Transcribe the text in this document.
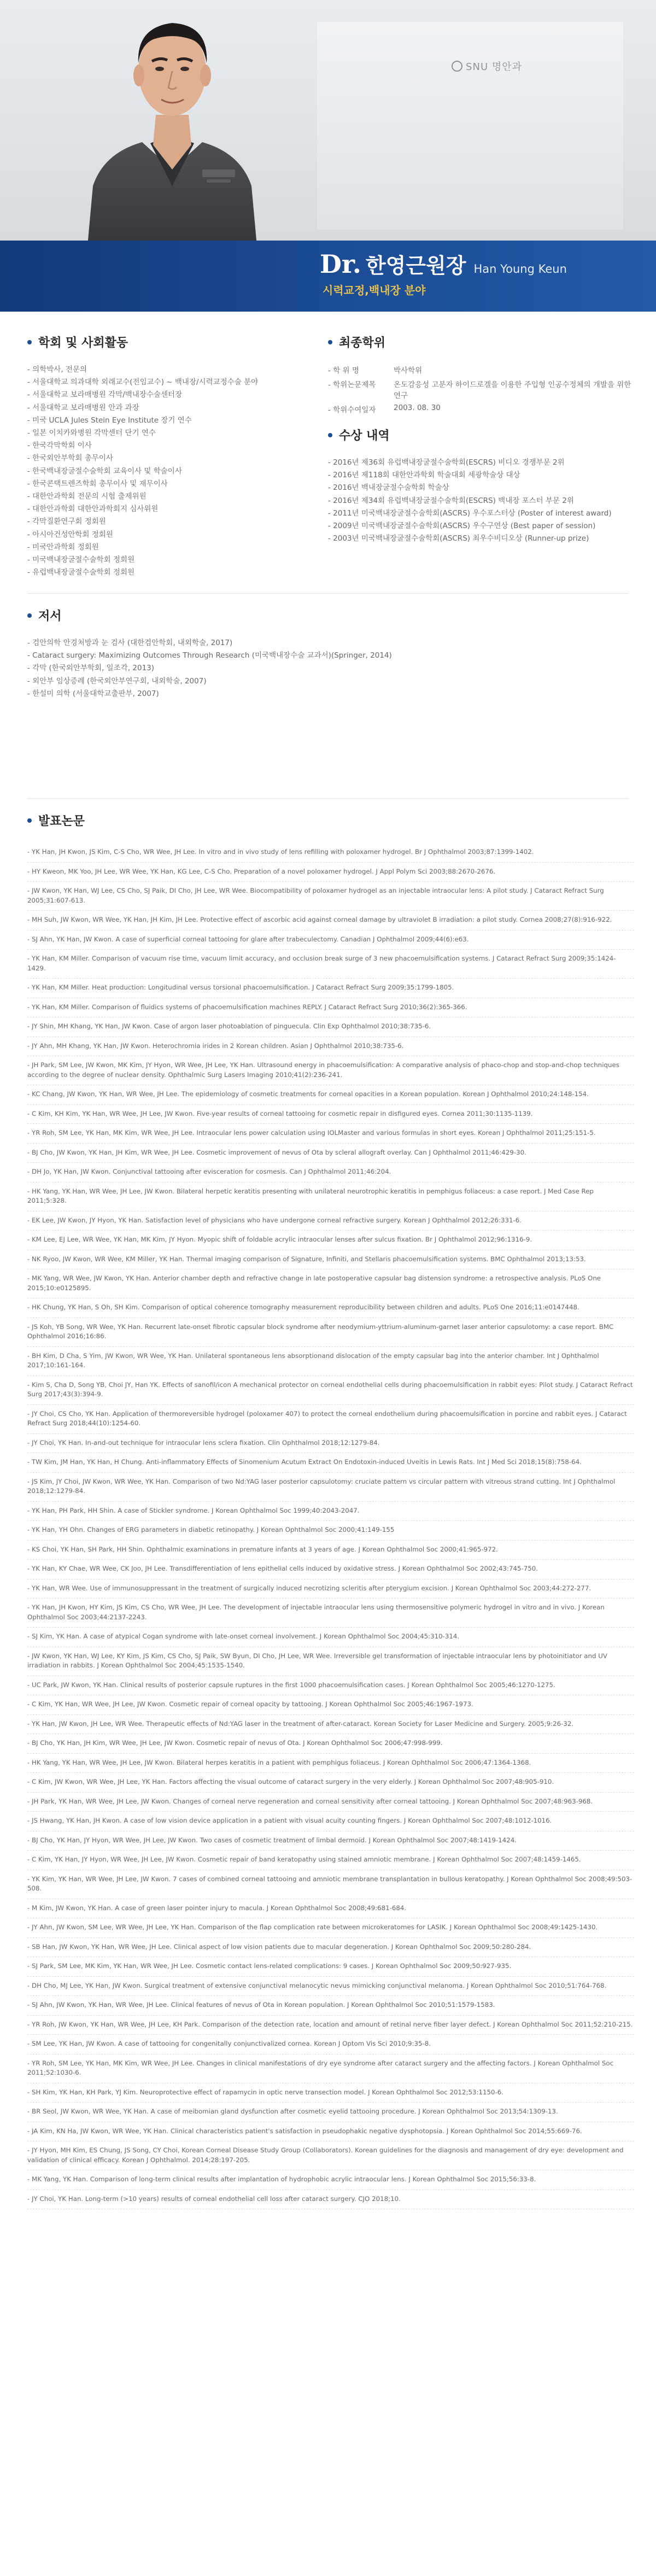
SNU 명안과
Dr. 한영근원장 Han Young Keun
시력교정,백내장 분야
학회 및 사회활동
- 의학박사, 전문의
- 서울대학교 의과대학 외래교수(전임교수) ~ 백내장/시력교정수술 분야
- 서울대학교 보라매병원 각막/백내장수술센터장
- 서울대학교 보라매병원 안과 과장
- 미국 UCLA Jules Stein Eye Institute 장기 연수
- 일본 이치카와병원 각막센터 단기 연수
- 한국각막학회 이사
- 한국외안부학회 총무이사
- 한국백내장굴절수술학회 교육이사 및 학술이사
- 한국콘택트렌즈학회 총무이사 및 재무이사
- 대한안과학회 전문의 시험 출제위원
- 대한안과학회 대한안과학회지 심사위원
- 각막질환연구회 정회원
- 아시아건성안학회 정회원
- 미국안과학회 정회원
- 미국백내장굴절수술학회 정회원
- 유럽백내장굴절수술학회 정회원
최종학위
- 학 위 명	박사학위
- 학위논문제목	온도감응성 고분자 하이드로겔을 이용한 주입형 인공수정체의 개발을 위한 연구
- 학위수여일자	2003. 08. 30
수상 내역
- 2016년 제36회 유럽백내장굴절수술학회(ESCRS) 비디오 경쟁부문 2위
- 2016년 제118회 대한안과학회 학술대회 세광학술상 대상
- 2016년 백내장굴절수술학회 학술상
- 2016년 제34회 유럽백내장굴절수술학회(ESCRS) 백내장 포스터 부문 2위
- 2011년 미국백내장굴절수술학회(ASCRS) 우수포스터상 (Poster of interest award)
- 2009년 미국백내장굴절수술학회(ASCRS) 우수구연상 (Best paper of session)
- 2003년 미국백내장굴절수술학회(ASCRS) 최우수비디오상 (Runner-up prize)
저서
- 검안의학 안경처방과 눈 검사 (대한검안학회, 내외학술, 2017)
- Cataract surgery: Maximizing Outcomes Through Research (미국백내장수술 교과서)(Springer, 2014)
- 각막 (한국외안부학회, 일조각, 2013)
- 외안부 임상증례 (한국외안부연구회, 내외학술, 2007)
- 한설미 의학 (서울대학교출판부, 2007)
발표논문
- YK Han, JH Kwon, JS Kim, C-S Cho, WR Wee, JH Lee. In vitro and in vivo study of lens refilling with poloxamer hydrogel. Br J Ophthalmol 2003;87:1399-1402.
- HY Kweon, MK Yoo, JH Lee, WR Wee, YK Han, KG Lee, C-S Cho. Preparation of a novel poloxamer hydrogel. J Appl Polym Sci 2003;88:2670-2676.
- JW Kwon, YK Han, WJ Lee, CS Cho, SJ Paik, DI Cho, JH Lee, WR Wee. Biocompatibility of poloxamer hydrogel as an injectable intraocular lens: A pilot study. J Cataract Refract Surg 2005;31:607-613.
- MH Suh, JW Kwon, WR Wee, YK Han, JH Kim, JH Lee. Protective effect of ascorbic acid against corneal damage by ultraviolet B irradiation: a pilot study. Cornea 2008;27(8):916-922.
- SJ Ahn, YK Han, JW Kwon. A case of superficial corneal tattooing for glare after trabeculectomy. Canadian J Ophthalmol 2009;44(6):e63.
- YK Han, KM Miller. Comparison of vacuum rise time, vacuum limit accuracy, and occlusion break surge of 3 new phacoemulsification systems. J Cataract Refract Surg 2009;35:1424-1429.
- YK Han, KM Miller. Heat production: Longitudinal versus torsional phacoemulsification. J Cataract Refract Surg 2009;35:1799-1805.
- YK Han, KM Miller. Comparison of fluidics systems of phacoemulsification machines REPLY. J Cataract Refract Surg 2010;36(2):365-366.
- JY Shin, MH Khang, YK Han, JW Kwon. Case of argon laser photoablation of pinguecula. Clin Exp Ophthalmol 2010;38:735-6.
- JY Ahn, MH Khang, YK Han, JW Kwon. Heterochromia irides in 2 Korean children. Asian J Ophthalmol 2010;38:735-6.
- JH Park, SM Lee, JW Kwon, MK Kim, JY Hyon, WR Wee, JH Lee, YK Han. Ultrasound energy in phacoemulsification: A comparative analysis of phaco-chop and stop-and-chop techniques according to the degree of nuclear density. Ophthalmic Surg Lasers Imaging 2010;41(2):236-241.
- KC Chang, JW Kwon, YK Han, WR Wee, JH Lee. The epidemiology of cosmetic treatments for corneal opacities in a Korean population. Korean J Ophthalmol 2010;24:148-154.
- C Kim, KH Kim, YK Han, WR Wee, JH Lee, JW Kwon. Five-year results of corneal tattooing for cosmetic repair in disfigured eyes. Cornea 2011;30:1135-1139.
- YR Roh, SM Lee, YK Han, MK Kim, WR Wee, JH Lee. Intraocular lens power calculation using IOLMaster and various formulas in short eyes. Korean J Ophthalmol 2011;25:151-5.
- BJ Cho, JW Kwon, YK Han, JH Kim, WR Wee, JH Lee. Cosmetic improvement of nevus of Ota by scleral allograft overlay. Can J Ophthalmol 2011;46:429-30.
- DH Jo, YK Han, JW Kwon. Conjunctival tattooing after evisceration for cosmesis. Can J Ophthalmol 2011;46:204.
- HK Yang, YK Han, WR Wee, JH Lee, JW Kwon. Bilateral herpetic keratitis presenting with unilateral neurotrophic keratitis in pemphigus foliaceus: a case report. J Med Case Rep 2011;5:328.
- EK Lee, JW Kwon, JY Hyon, YK Han. Satisfaction level of physicians who have undergone corneal refractive surgery. Korean J Ophthalmol 2012;26:331-6.
- KM Lee, EJ Lee, WR Wee, YK Han, MK Kim, JY Hyon. Myopic shift of foldable acrylic intraocular lenses after sulcus fixation. Br J Ophthalmol 2012;96:1316-9.
- NK Ryoo, JW Kwon, WR Wee, KM Miller, YK Han. Thermal imaging comparison of Signature, Infiniti, and Stellaris phacoemulsification systems. BMC Ophthalmol 2013;13:53.
- MK Yang, WR Wee, JW Kwon, YK Han. Anterior chamber depth and refractive change in late postoperative capsular bag distension syndrome: a retrospective analysis. PLoS One 2015;10:e0125895.
- HK Chung, YK Han, S Oh, SH Kim. Comparison of optical coherence tomography measurement reproducibility between children and adults. PLoS One 2016;11:e0147448.
- JS Koh, YB Song, WR Wee, YK Han. Recurrent late-onset fibrotic capsular block syndrome after neodymium-yttrium-aluminum-garnet laser anterior capsulotomy: a case report. BMC Ophthalmol 2016;16:86.
- BH Kim, D Cha, S Yim, JW Kwon, WR Wee, YK Han. Unilateral spontaneous lens absorptionand dislocation of the empty capsular bag into the anterior chamber. Int J Ophthalmol 2017;10:161-164.
- Kim S, Cha D, Song YB, Choi JY, Han YK. Effects of sanofil/icon A mechanical protector on corneal endothelial cells during phacoemulsification in rabbit eyes: Pilot study. J Cataract Refract Surg 2017;43(3):394-9.
- JY Choi, CS Cho, YK Han. Application of thermoreversible hydrogel (poloxamer 407) to protect the corneal endothelium during phacoemulsification in porcine and rabbit eyes. J Cataract Refract Surg 2018;44(10):1254-60.
- JY Choi, YK Han. In-and-out technique for intraocular lens sclera fixation. Clin Ophthalmol 2018;12:1279-84.
- TW Kim, JM Han, YK Han, H Chung. Anti-inflammatory Effects of Sinomenium Acutum Extract On Endotoxin-induced Uveitis in Lewis Rats. Int J Med Sci 2018;15(8):758-64.
- JS Kim, JY Choi, JW Kwon, WR Wee, YK Han. Comparison of two Nd:YAG laser posterior capsulotomy: cruciate pattern vs circular pattern with vitreous strand cutting. Int J Ophthalmol 2018;12:1279-84.
- YK Han, PH Park, HH Shin. A case of Stickler syndrome. J Korean Ophthalmol Soc 1999;40:2043-2047.
- YK Han, YH Ohn. Changes of ERG parameters in diabetic retinopathy. J Korean Ophthalmol Soc 2000;41:149-155
- KS Choi, YK Han, SH Park, HH Shin. Ophthalmic examinations in premature infants at 3 years of age. J Korean Ophthalmol Soc 2000;41:965-972.
- YK Han, KY Chae, WR Wee, CK Joo, JH Lee. Transdifferentiation of lens epithelial cells induced by oxidative stress. J Korean Ophthalmol Soc 2002;43:745-750.
- YK Han, WR Wee. Use of immunosuppressant in the treatment of surgically induced necrotizing scleritis after pterygium excision. J Korean Ophthalmol Soc 2003;44:272-277.
- YK Han, JH Kwon, HY Kim, JS Kim, CS Cho, WR Wee, JH Lee. The development of injectable intraocular lens using thermosensitive polymeric hydrogel in vitro and in vivo. J Korean Ophthalmol Soc 2003;44:2137-2243.
- SJ Kim, YK Han. A case of atypical Cogan syndrome with late-onset corneal involvement. J Korean Ophthalmol Soc 2004;45:310-314.
- JW Kwon, YK Han, WJ Lee, KY Kim, JS Kim, CS Cho, SJ Paik, SW Byun, DI Cho, JH Lee, WR Wee. Irreversible gel transformation of injectable intraocular lens by photoinitiator and UV irradiation in rabbits. J Korean Ophthalmol Soc 2004;45:1535-1540.
- UC Park, JW Kwon, YK Han. Clinical results of posterior capsule ruptures in the first 1000 phacoemulsification cases. J Korean Ophthalmol Soc 2005;46:1270-1275.
- C Kim, YK Han, WR Wee, JH Lee, JW Kwon. Cosmetic repair of corneal opacity by tattooing. J Korean Ophthalmol Soc 2005;46:1967-1973.
- YK Han, JW Kwon, JH Lee, WR Wee. Therapeutic effects of Nd:YAG laser in the treatment of after-cataract. Korean Society for Laser Medicine and Surgery. 2005;9:26-32.
- BJ Cho, YK Han, JH Kim, WR Wee, JH Lee, JW Kwon. Cosmetic repair of nevus of Ota. J Korean Ophthalmol Soc 2006;47:998-999.
- HK Yang, YK Han, WR Wee, JH Lee, JW Kwon. Bilateral herpes keratitis in a patient with pemphigus foliaceus. J Korean Ophthalmol Soc 2006;47:1364-1368.
- C Kim, JW Kwon, WR Wee, JH Lee, YK Han. Factors affecting the visual outcome of cataract surgery in the very elderly. J Korean Ophthalmol Soc 2007;48:905-910.
- JH Park, YK Han, WR Wee, JH Lee, JW Kwon. Changes of corneal nerve regeneration and corneal sensitivity after corneal tattooing. J Korean Ophthalmol Soc 2007;48:963-968.
- JS Hwang, YK Han, JH Kwon. A case of low vision device application in a patient with visual acuity counting fingers. J Korean Ophthalmol Soc 2007;48:1012-1016.
- BJ Cho, YK Han, JY Hyon, WR Wee, JH Lee, JW Kwon. Two cases of cosmetic treatment of limbal dermoid. J Korean Ophthalmol Soc 2007;48:1419-1424.
- C Kim, YK Han, JY Hyon, WR Wee, JH Lee, JW Kwon. Cosmetic repair of band keratopathy using stained amniotic membrane. J Korean Ophthalmol Soc 2007;48:1459-1465.
- YK Kim, YK Han, WR Wee, JH Lee, JW Kwon. 7 cases of combined corneal tattooing and amniotic membrane transplantation in bullous keratopathy. J Korean Ophthalmol Soc 2008;49:503-508.
- M Kim, JW Kwon, YK Han. A case of green laser pointer injury to macula. J Korean Ophthalmol Soc 2008;49:681-684.
- JY Ahn, JW Kwon, SM Lee, WR Wee, JH Lee, YK Han. Comparison of the flap complication rate between microkeratomes for LASIK. J Korean Ophthalmol Soc 2008;49:1425-1430.
- SB Han, JW Kwon, YK Han, WR Wee, JH Lee. Clinical aspect of low vision patients due to macular degeneration. J Korean Ophthalmol Soc 2009;50:280-284.
- SJ Park, SM Lee, MK Kim, YK Han, WR Wee, JH Lee. Cosmetic contact lens-related complications: 9 cases. J Korean Ophthalmol Soc 2009;50:927-935.
- DH Cho, MJ Lee, YK Han, JW Kwon. Surgical treatment of extensive conjunctival melanocytic nevus mimicking conjunctival melanoma. J Korean Ophthalmol Soc 2010;51:764-768.
- SJ Ahn, JW Kwon, YK Han, WR Wee, JH Lee. Clinical features of nevus of Ota in Korean population. J Korean Ophthalmol Soc 2010;51:1579-1583.
- YR Roh, JW Kwon, YK Han, WR Wee, JH Lee, KH Park. Comparison of the detection rate, location and amount of retinal nerve fiber layer defect. J Korean Ophthalmol Soc 2011;52:210-215.
- SM Lee, YK Han, JW Kwon. A case of tattooing for congenitally conjunctivalized cornea. Korean J Optom Vis Sci 2010;9:35-8.
- YR Roh, SM Lee, YK Han, MK Kim, WR Wee, JH Lee. Changes in clinical manifestations of dry eye syndrome after cataract surgery and the affecting factors. J Korean Ophthalmol Soc 2011;52:1030-6.
- SH Kim, YK Han, KH Park, YJ Kim. Neuroprotective effect of rapamycin in optic nerve transection model. J Korean Ophthalmol Soc 2012;53:1150-6.
- BR Seol, JW Kwon, WR Wee, YK Han. A case of meibomian gland dysfunction after cosmetic eyelid tattooing procedure. J Korean Ophthalmol Soc 2013;54:1309-13.
- JA Kim, KN Ha, JW Kwon, WR Wee, YK Han. Clinical characteristics patient's satisfaction in pseudophakic negative dysphotopsia. J Korean Ophthalmol Soc 2014;55:669-76.
- JY Hyon, MH Kim, ES Chung, JS Song, CY Choi, Korean Corneal Disease Study Group (Collaborators). Korean guidelines for the diagnosis and management of dry eye: development and validation of clinical efficacy. Korean J Ophthalmol. 2014;28:197-205.
- MK Yang, YK Han. Comparison of long-term clinical results after implantation of hydrophobic acrylic intraocular lens. J Korean Ophthalmol Soc 2015;56:33-8.
- JY Choi, YK Han. Long-term (>10 years) results of corneal endothelial cell loss after cataract surgery. CJO 2018;10.
